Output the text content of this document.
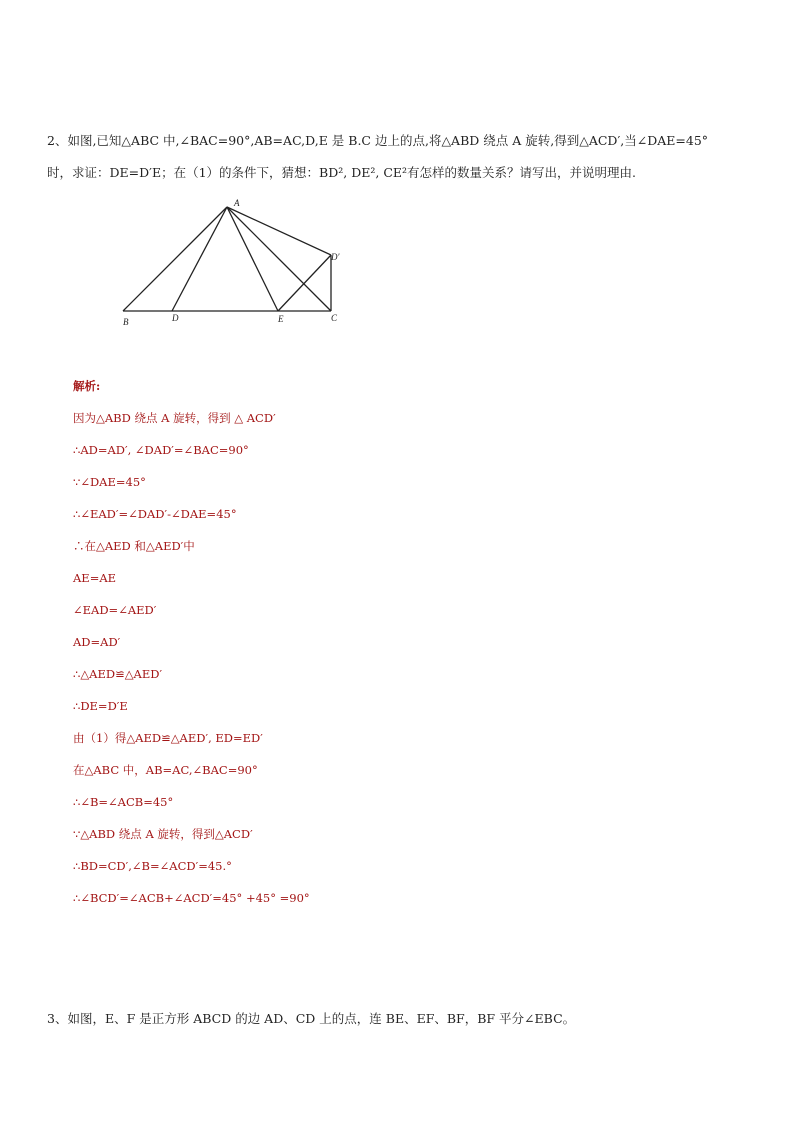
2、如图,已知△ABC 中,∠BAC=90°,AB=AC,D,E 是 B.C 边上的点,将△ABD 绕点 A 旋转,得到△ACD′,当∠DAE=45°
时，求证：DE=D′E；在（1）的条件下，猜想：BD², DE², CE²有怎样的数量关系？请写出，并说明理由.
A
B	C
D	E
D′
解析:
因为△ABD 绕点 A 旋转，得到 △ ACD′
∴AD=AD′, ∠DAD′=∠BAC=90°
∵∠DAE=45°
∴∠EAD′=∠DAD′-∠DAE=45°
∴在△AED 和△AED′中
AE=AE
∠EAD=∠AED′
AD=AD′
∴△AED≌△AED′
∴DE=D′E
由（1）得△AED≌△AED′, ED=ED′
在△ABC 中，AB=AC,∠BAC=90°
∴∠B=∠ACB=45°
∵△ABD 绕点 A 旋转，得到△ACD′
∴BD=CD′,∠B=∠ACD′=45.°
∴∠BCD′=∠ACB+∠ACD′=45° +45° =90°
3、如图，E、F 是正方形 ABCD 的边 AD、CD 上的点，连 BE、EF、BF，BF 平分∠EBC。
